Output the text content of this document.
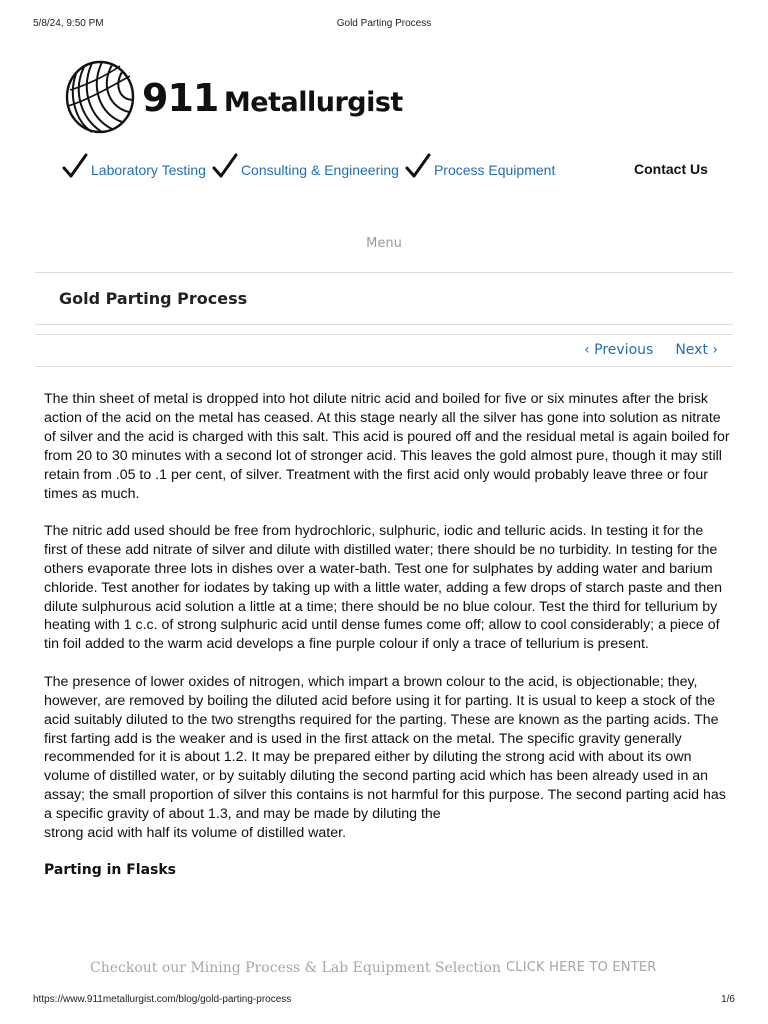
5/8/24, 9:50 PM	Gold Parting Process
911 Metallurgist
Laboratory Testing	Consulting & Engineering	Process Equipment	Contact Us
Menu
Gold Parting Process
‹ Previous Next ›

The thin sheet of metal is dropped into hot dilute nitric acid and boiled for five or six minutes after the brisk action of the acid on the metal has ceased. At this stage nearly all the silver has gone into solution as nitrate of silver and the acid is charged with this salt. This acid is poured off and the residual metal is again boiled for from 20 to 30 minutes with a second lot of stronger acid. This leaves the gold almost pure, though it may still retain from .05 to .1 per cent, of silver. Treatment with the first acid only would probably leave three or four times as much.

The nitric add used should be free from hydrochloric, sulphuric, iodic and telluric acids. In testing it for the first of these add nitrate of silver and dilute with distilled water; there should be no turbidity. In testing for the others evaporate three lots in dishes over a water-bath. Test one for sulphates by adding water and barium chloride. Test another for iodates by taking up with a little water, adding a few drops of starch paste and then dilute sulphurous acid solution a little at a time; there should be no blue colour. Test the third for tellurium by heating with 1 c.c. of strong sulphuric acid until dense fumes come off; allow to cool considerably; a piece of tin foil added to the warm acid develops a fine purple colour if only a trace of tellurium is present.

The presence of lower oxides of nitrogen, which impart a brown colour to the acid, is objectionable; they, however, are removed by boiling the diluted acid before using it for parting. It is usual to keep a stock of the acid suitably diluted to the two strengths required for the parting. These are known as the parting acids. The first farting add is the weaker and is used in the first attack on the metal. The specific gravity generally recommended for it is about 1.2. It may be prepared either by diluting the strong acid with about its own volume of distilled water, or by suitably diluting the second parting acid which has been already used in an assay; the small proportion of silver this contains is not harmful for this purpose. The second parting acid has a specific gravity of about 1.3, and may be made by diluting the

strong acid with half its volume of distilled water.

Parting in Flasks
Checkout our Mining Process & Lab Equipment Selection CLICK HERE TO ENTER
https://www.911metallurgist.com/blog/gold-parting-process	1/6
